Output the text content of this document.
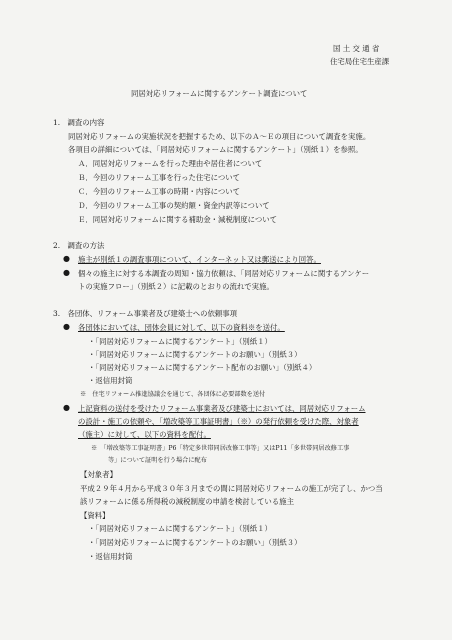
国 土 交 通 省
住宅局住宅生産課
同居対応リフォームに関するアンケート調査について
1.　調査の内容
同居対応リフォームの実施状況を把握するため、以下のＡ～Ｅの項目について調査を実施。
各項目の詳細については、「同居対応リフォームに関するアンケート」（別紙１）を参照。
Ａ．同居対応リフォームを行った理由や居住者について
Ｂ．今回のリフォーム工事を行った住宅について
Ｃ．今回のリフォーム工事の時期・内容について
Ｄ．今回のリフォーム工事の契約額・資金内訳等について
Ｅ．同居対応リフォームに関する補助金・減税制度について
2.　調査の方法
● 施主が別紙１の調査事項について、インターネット又は郵送により回答。
● 個々の施主に対する本調査の周知・協力依頼は、「同居対応リフォームに関するアンケー
トの実施フロー」（別紙２）に記載のとおりの流れで実施。
3.　各団体、リフォーム事業者及び建築士への依頼事項
● 各団体においては、団体会員に対して、以下の資料※を送付。
・「同居対応リフォームに関するアンケート」（別紙１）
・「同居対応リフォームに関するアンケートのお願い」（別紙３）
・「同居対応リフォームに関するアンケート配布のお願い」（別紙４）
・返信用封筒
※　住宅リフォーム推進協議会を通じて、各団体に必要部数を送付
● 上記資料の送付を受けたリフォーム事業者及び建築士においては、同居対応リフォーム
の設計・施工の依頼や、「増改築等工事証明書」（※）の発行依頼を受けた際、対象者
（施主）に対して、以下の資料を配付。
※　「増改築等工事証明書」P6「特定多世帯同居改修工事等」又はP11「多世帯同居改修工事
等」について証明を行う場合に配布
【対象者】
平成２９年４月から平成３０年３月までの間に同居対応リフォームの施工が完了し、かつ当
該リフォームに係る所得税の減税制度の申請を検討している施主
【資料】
・「同居対応リフォームに関するアンケート」（別紙１）
・「同居対応リフォームに関するアンケートのお願い」（別紙３）
・返信用封筒
